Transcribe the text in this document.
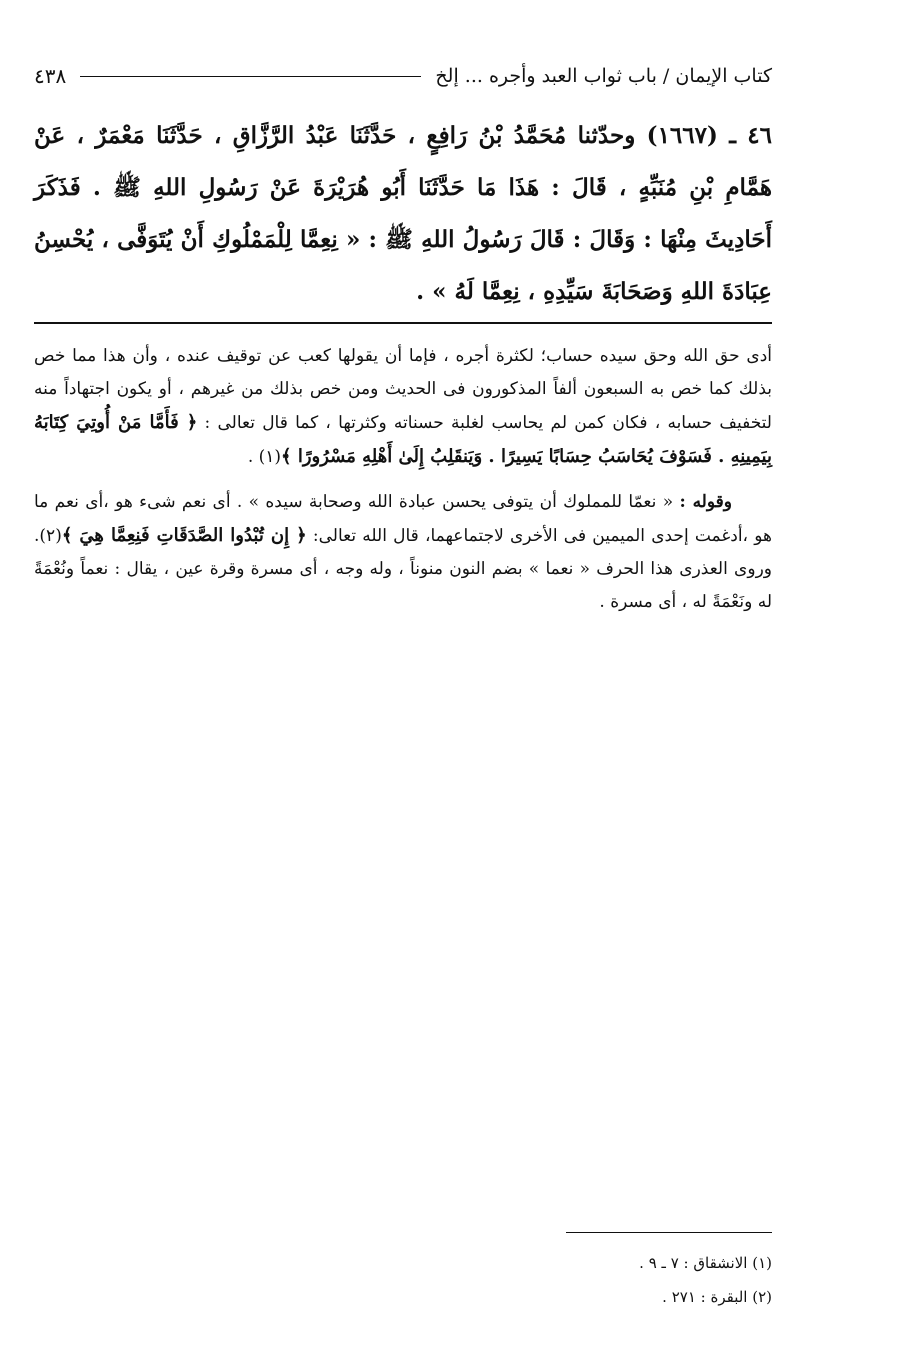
كتاب الإيمان / باب ثواب العبد وأجره ... إلخ
٤٣٨
٤٦ ـ (١٦٦٧) وحدّثنا مُحَمَّدُ بْنُ رَافِعٍ ، حَدَّثَنَا عَبْدُ الرَّزَّاقِ ، حَدَّثَنَا مَعْمَرٌ ، عَنْ هَمَّامِ بْنِ مُنَبِّهٍ ، قَالَ : هَذَا مَا حَدَّثَنَا أَبُو هُرَيْرَةَ عَنْ رَسُولِ اللهِ ﷺ . فَذَكَرَ أَحَادِيثَ مِنْهَا : وَقَالَ : قَالَ رَسُولُ اللهِ ﷺ : « نِعِمَّا لِلْمَمْلُوكِ أَنْ يُتَوَفَّى ، يُحْسِنُ عِبَادَةَ اللهِ وَصَحَابَةَ سَيِّدِهِ ، نِعِمَّا لَهُ » .

أدى حق الله وحق سيده حساب؛ لكثرة أجره ، فإما أن يقولها كعب عن توقيف عنده ، وأن هذا مما خص بذلك كما خص به السبعون ألفاً المذكورون فى الحديث ومن خص بذلك من غيرهم ، أو يكون اجتهاداً منه لتخفيف حسابه ، فكان كمن لم يحاسب لغلبة حسناته وكثرتها ، كما قال تعالى : ﴿ فَأَمَّا مَنْ أُوتِيَ كِتَابَهُ بِيَمِينِهِ . فَسَوْفَ يُحَاسَبُ حِسَابًا يَسِيرًا . وَيَنقَلِبُ إِلَىٰ أَهْلِهِ مَسْرُورًا ﴾(١) .

وقوله : « نعمّا للمملوك أن يتوفى يحسن عبادة الله وصحابة سيده » . أى نعم شىء هو ،أى نعم ما هو ،أدغمت إحدى الميمين فى الأخرى لاجتماعهما، قال الله تعالى: ﴿ إِن تُبْدُوا الصَّدَقَاتِ فَنِعِمَّا هِيَ ﴾(٢). وروى العذرى هذا الحرف « نعما » بضم النون منوناً ، وله وجه ، أى مسرة وقرة عين ، يقال : نعماً ونُعْمَةً له ونَعْمَةً له ، أى مسرة .

(١) الانشقاق : ٧ ـ ٩ .
(٢) البقرة : ٢٧١ .
